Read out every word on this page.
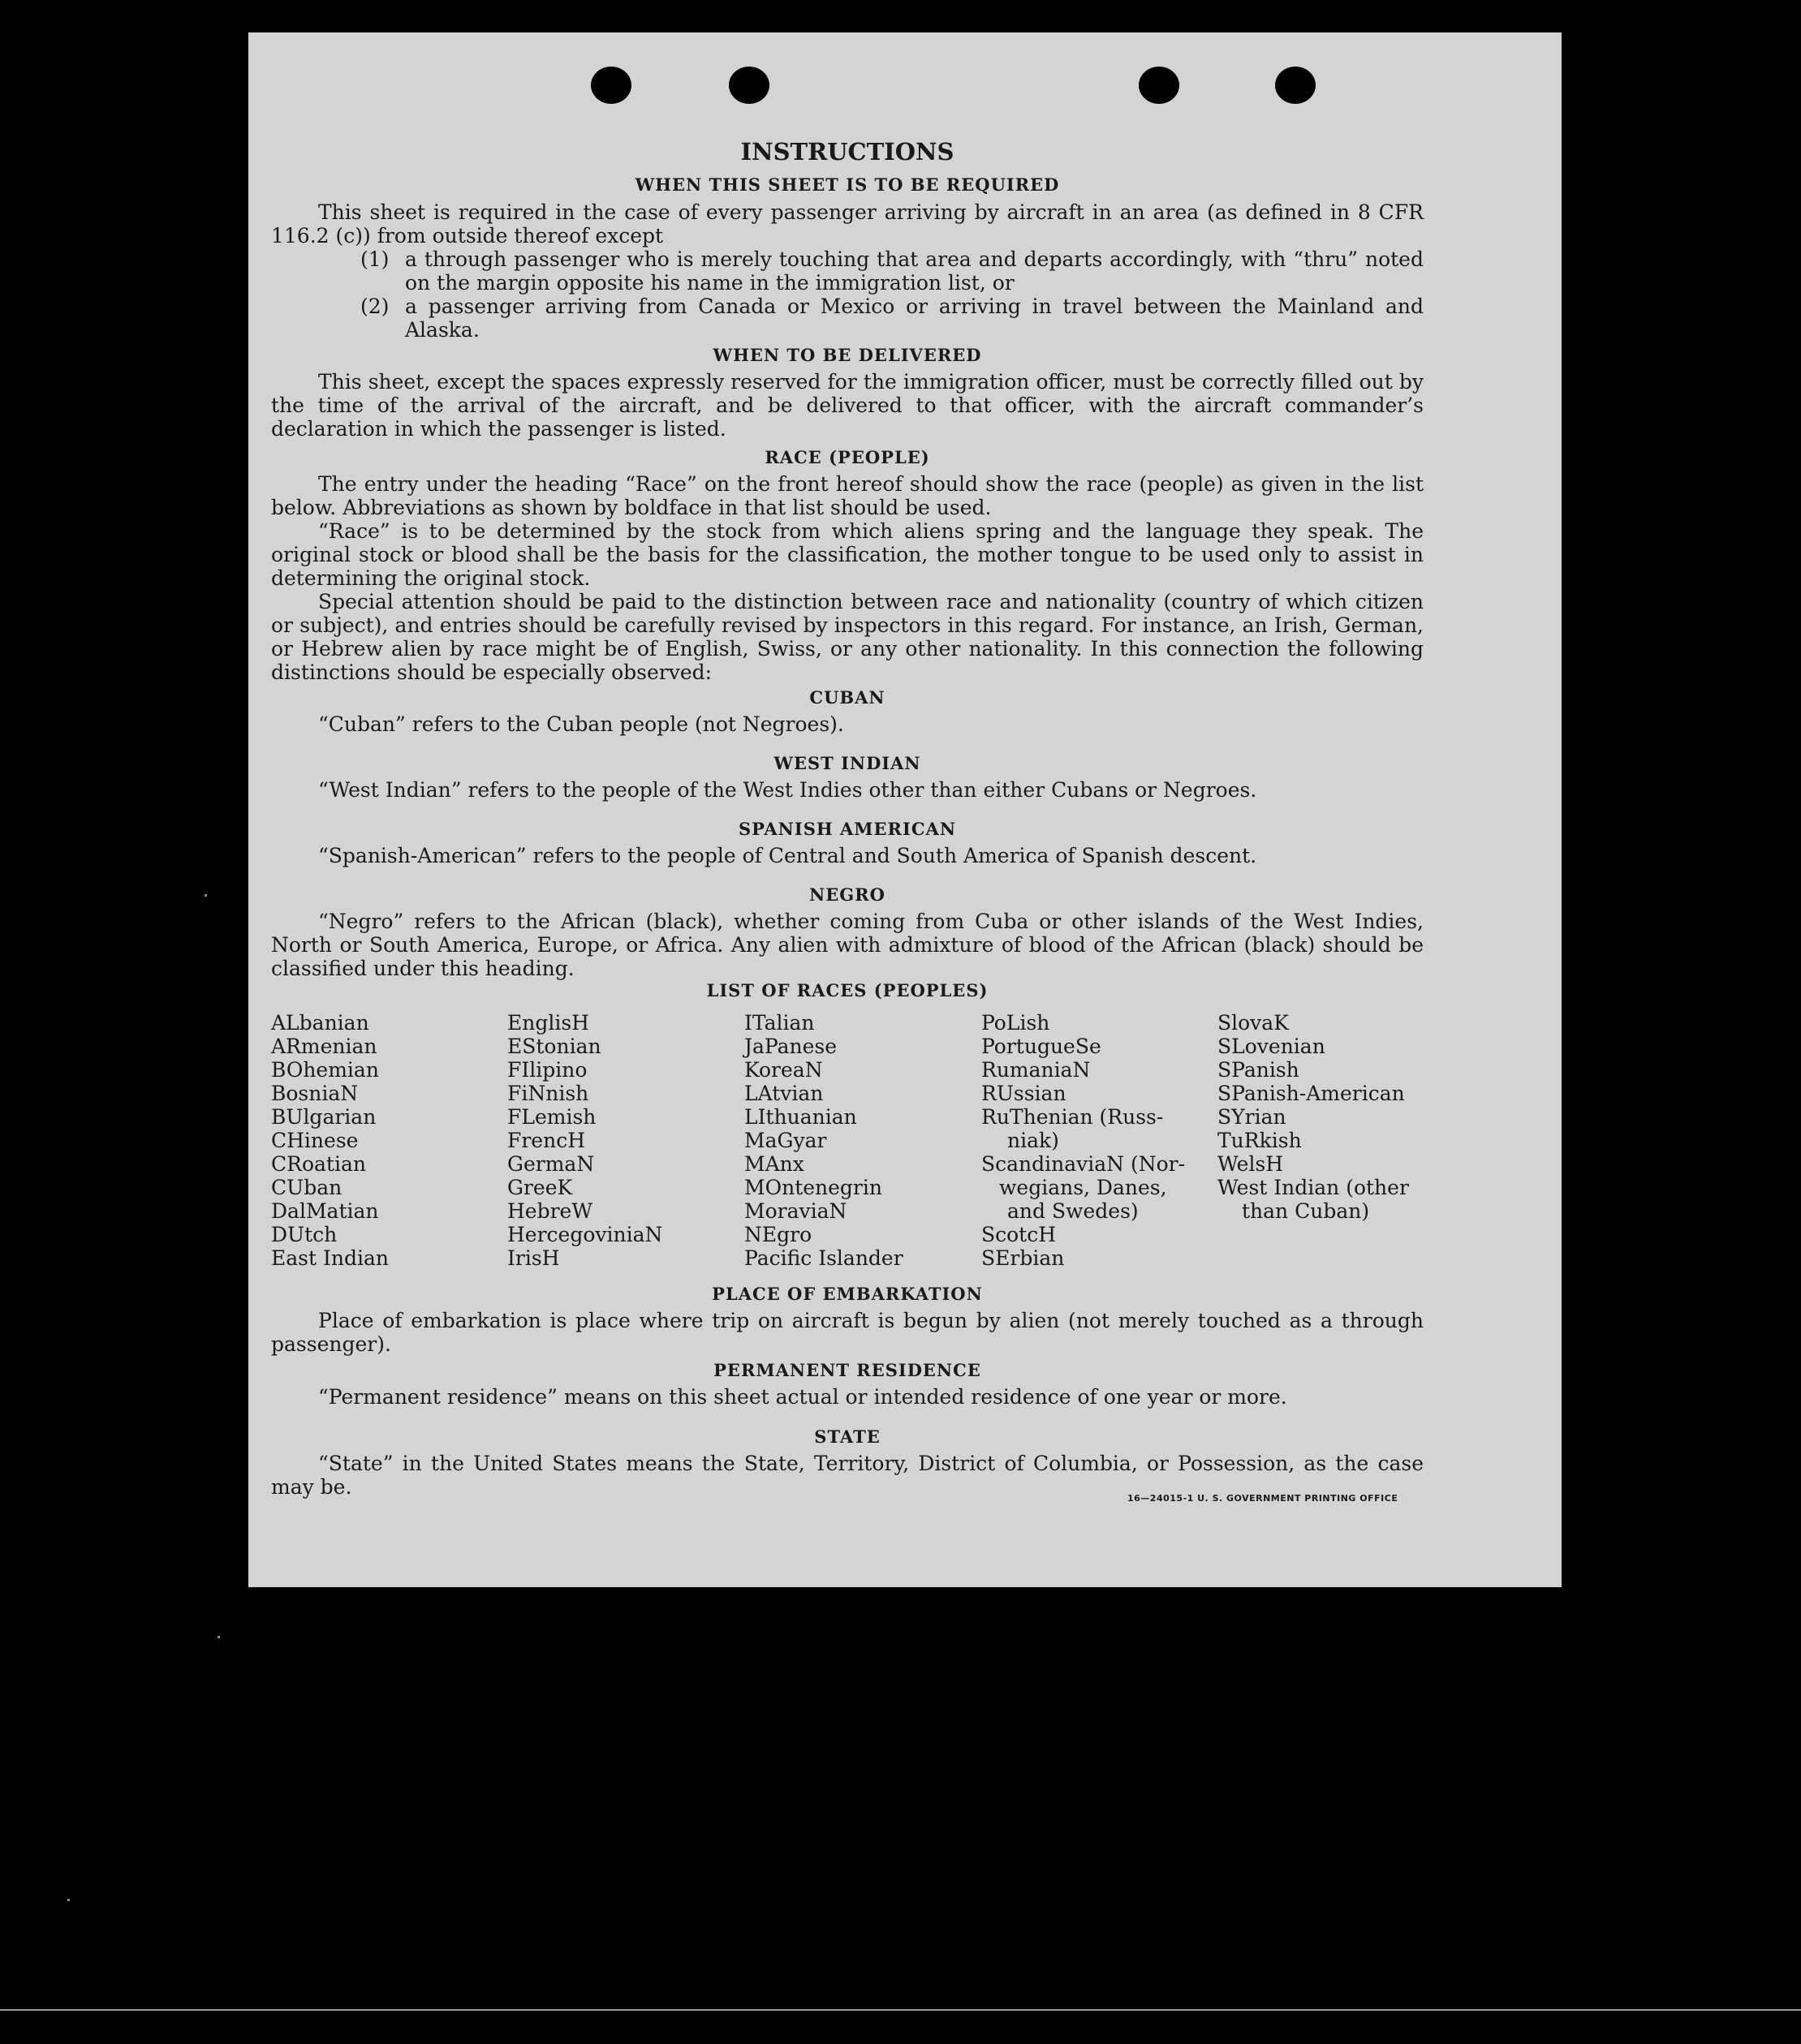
INSTRUCTIONS
WHEN THIS SHEET IS TO BE REQUIRED
This sheet is required in the case of every passenger arriving by aircraft in an area (as defined in 8 CFR 116.2 (c)) from outside thereof except
(1) a through passenger who is merely touching that area and departs accordingly, with “thru” noted on the margin opposite his name in the immigration list, or
(2) a passenger arriving from Canada or Mexico or arriving in travel between the Mainland and Alaska.
WHEN TO BE DELIVERED
This sheet, except the spaces expressly reserved for the immigration officer, must be correctly filled out by the time of the arrival of the aircraft, and be delivered to that officer, with the aircraft commander’s declaration in which the passenger is listed.
RACE (PEOPLE)
The entry under the heading “Race” on the front hereof should show the race (people) as given in the list below. Abbreviations as shown by boldface in that list should be used.
“Race” is to be determined by the stock from which aliens spring and the language they speak. The original stock or blood shall be the basis for the classification, the mother tongue to be used only to assist in determining the original stock.
Special attention should be paid to the distinction between race and nationality (country of which citizen or subject), and entries should be carefully revised by inspectors in this regard. For instance, an Irish, German, or Hebrew alien by race might be of English, Swiss, or any other nationality. In this connection the following distinctions should be especially observed:
CUBAN
“Cuban” refers to the Cuban people (not Negroes).
WEST INDIAN
“West Indian” refers to the people of the West Indies other than either Cubans or Negroes.
SPANISH AMERICAN
“Spanish-American” refers to the people of Central and South America of Spanish descent.
NEGRO
“Negro” refers to the African (black), whether coming from Cuba or other islands of the West Indies, North or South America, Europe, or Africa. Any alien with admixture of blood of the African (black) should be classified under this heading.
LIST OF RACES (PEOPLES)
ALbanian
ARmenian
BOhemian
BosniaN
BUlgarian
CHinese
CRoatian
CUban
DalMatian
DUtch
East Indian
EnglisH
EStonian
FIlipino
FiNnish
FLemish
FrencH
GermaN
GreeK
HebreW
HercegoviniaN
IrisH
ITalian
JaPanese
KoreaN
LAtvian
LIthuanian
MaGyar
MAnx
MOntenegrin
MoraviaN
NEgro
Pacific Islander
PoLish
PortugueSe
RumaniaN
RUssian
RuThenian (Russ-
niak)
ScandinaviaN (Nor-
wegians, Danes,
and Swedes)
ScotcH
SErbian
SlovaK
SLovenian
SPanish
SPanish-American
SYrian
TuRkish
WelsH
West Indian (other
than Cuban)
PLACE OF EMBARKATION
Place of embarkation is place where trip on aircraft is begun by alien (not merely touched as a through passenger).
PERMANENT RESIDENCE
“Permanent residence” means on this sheet actual or intended residence of one year or more.
STATE
“State” in the United States means the State, Territory, District of Columbia, or Possession, as the case may be.	16—24015-1 U. S. GOVERNMENT PRINTING OFFICE
